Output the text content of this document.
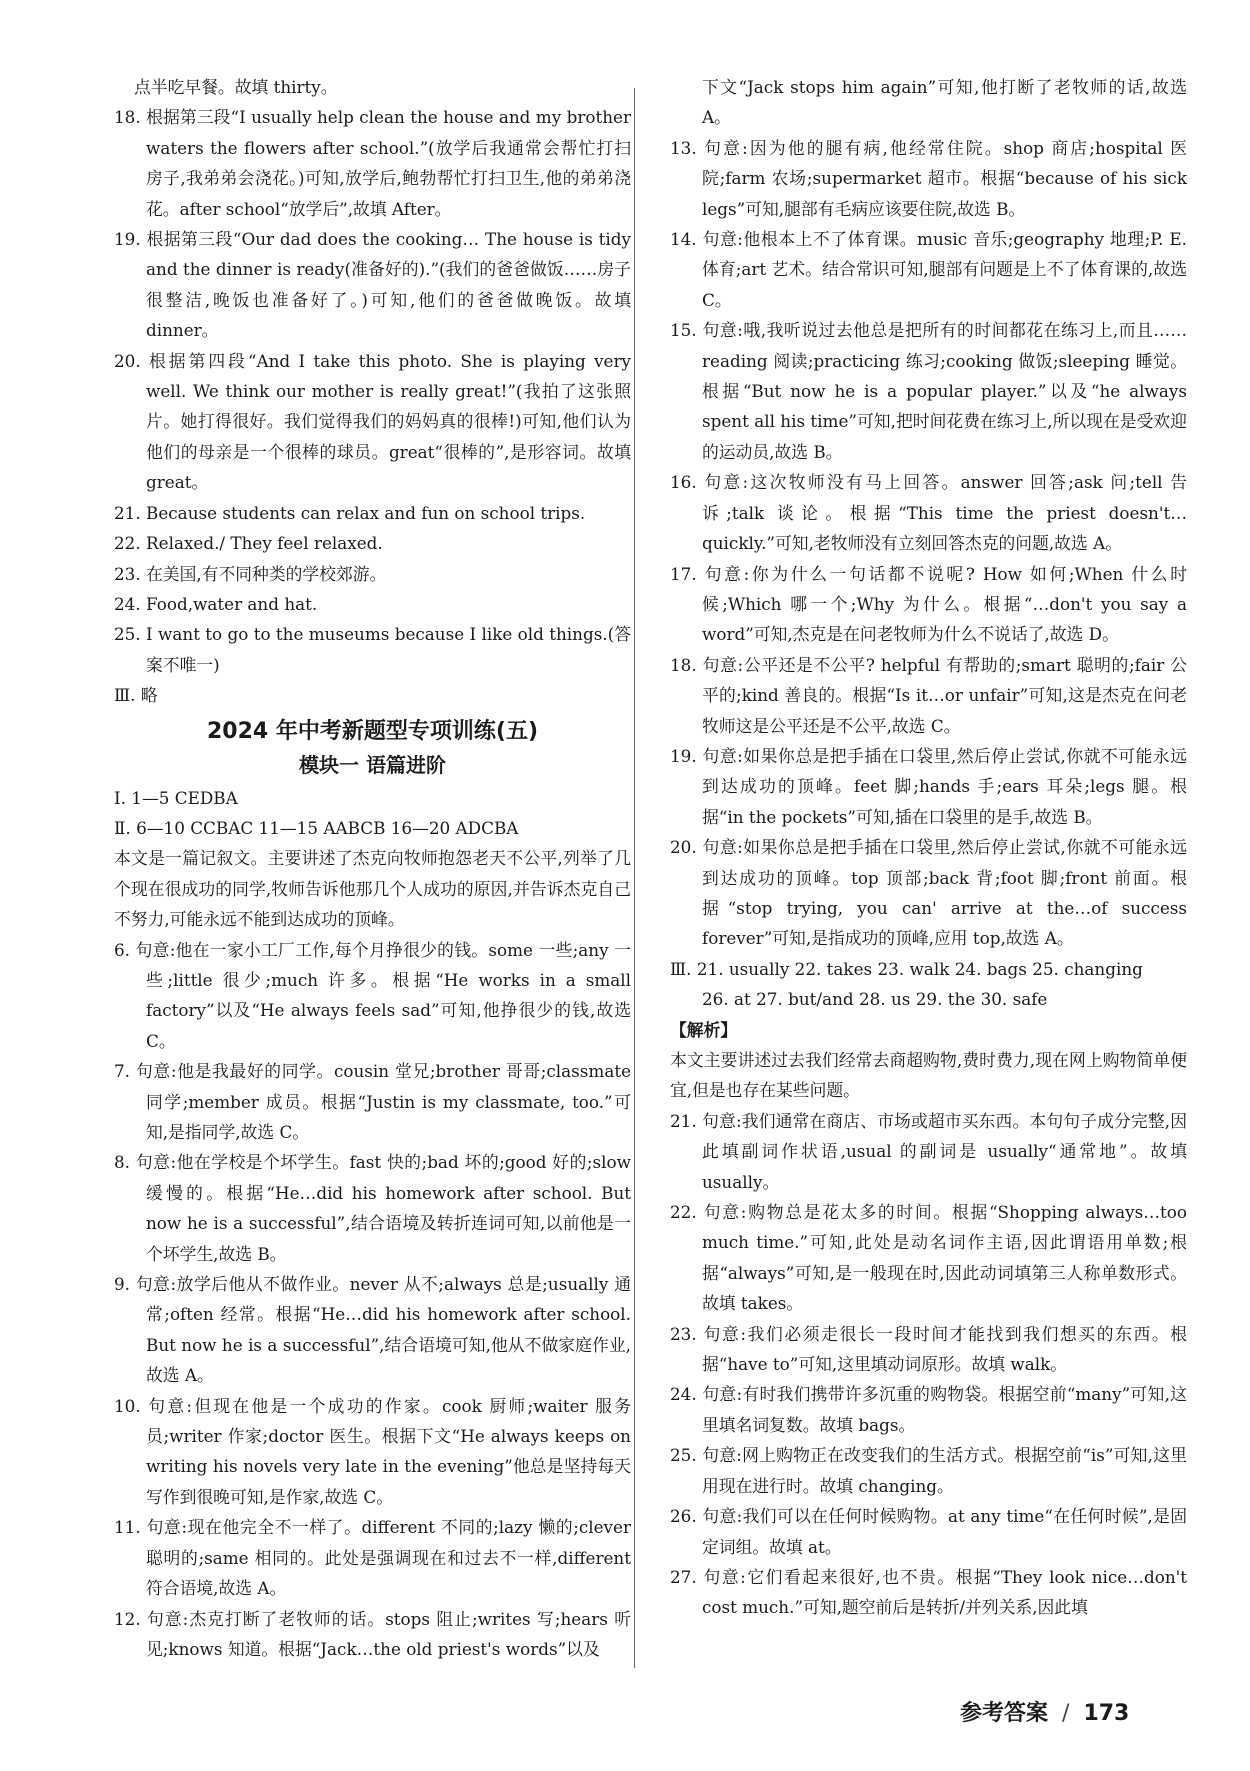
点半吃早餐。故填 thirty。

18. 根据第三段“I usually help clean the house and my brother waters the flowers after school.”(放学后我通常会帮忙打扫房子,我弟弟会浇花。)可知,放学后,鲍勃帮忙打扫卫生,他的弟弟浇花。after school“放学后”,故填 After。

19. 根据第三段“Our dad does the cooking… The house is tidy and the dinner is ready(准备好的).”(我们的爸爸做饭……房子很整洁,晚饭也准备好了。)可知,他们的爸爸做晚饭。故填 dinner。

20. 根据第四段“And I take this photo. She is playing very well. We think our mother is really great!”(我拍了这张照片。她打得很好。我们觉得我们的妈妈真的很棒!)可知,他们认为他们的母亲是一个很棒的球员。great“很棒的”,是形容词。故填 great。

21. Because students can relax and fun on school trips.

22. Relaxed./ They feel relaxed.

23. 在美国,有不同种类的学校郊游。

24. Food,water and hat.

25. I want to go to the museums because I like old things.(答案不唯一)

Ⅲ. 略

2024 年中考新题型专项训练(五)

模块一 语篇进阶

Ⅰ. 1—5 CEDBA

Ⅱ. 6—10 CCBAC 11—15 AABCB 16—20 ADCBA

本文是一篇记叙文。主要讲述了杰克向牧师抱怨老天不公平,列举了几个现在很成功的同学,牧师告诉他那几个人成功的原因,并告诉杰克自己不努力,可能永远不能到达成功的顶峰。

6. 句意:他在一家小工厂工作,每个月挣很少的钱。some 一些;any 一些;little 很少;much 许多。根据“He works in a small factory”以及“He always feels sad”可知,他挣很少的钱,故选 C。

7. 句意:他是我最好的同学。cousin 堂兄;brother 哥哥;classmate 同学;member 成员。根据“Justin is my classmate, too.”可知,是指同学,故选 C。

8. 句意:他在学校是个坏学生。fast 快的;bad 坏的;good 好的;slow 缓慢的。根据“He…did his homework after school. But now he is a successful”,结合语境及转折连词可知,以前他是一个坏学生,故选 B。

9. 句意:放学后他从不做作业。never 从不;always 总是;usually 通常;often 经常。根据“He…did his homework after school. But now he is a successful”,结合语境可知,他从不做家庭作业,故选 A。

10. 句意:但现在他是一个成功的作家。cook 厨师;waiter 服务员;writer 作家;doctor 医生。根据下文“He always keeps on writing his novels very late in the evening”他总是坚持每天写作到很晚可知,是作家,故选 C。

11. 句意:现在他完全不一样了。different 不同的;lazy 懒的;clever 聪明的;same 相同的。此处是强调现在和过去不一样,different 符合语境,故选 A。

12. 句意:杰克打断了老牧师的话。stops 阻止;writes 写;hears 听见;knows 知道。根据“Jack…the old priest's words”以及

下文“Jack stops him again”可知,他打断了老牧师的话,故选 A。

13. 句意:因为他的腿有病,他经常住院。shop 商店;hospital 医院;farm 农场;supermarket 超市。根据“because of his sick legs”可知,腿部有毛病应该要住院,故选 B。

14. 句意:他根本上不了体育课。music 音乐;geography 地理;P. E. 体育;art 艺术。结合常识可知,腿部有问题是上不了体育课的,故选 C。

15. 句意:哦,我听说过去他总是把所有的时间都花在练习上,而且…… reading 阅读;practicing 练习;cooking 做饭;sleeping 睡觉。根据“But now he is a popular player.”以及“he always spent all his time”可知,把时间花费在练习上,所以现在是受欢迎的运动员,故选 B。

16. 句意:这次牧师没有马上回答。answer 回答;ask 问;tell 告诉;talk 谈论。根据“This time the priest doesn't…quickly.”可知,老牧师没有立刻回答杰克的问题,故选 A。

17. 句意:你为什么一句话都不说呢? How 如何;When 什么时候;Which 哪一个;Why 为什么。根据“…don't you say a word”可知,杰克是在问老牧师为什么不说话了,故选 D。

18. 句意:公平还是不公平? helpful 有帮助的;smart 聪明的;fair 公平的;kind 善良的。根据“Is it…or unfair”可知,这是杰克在问老牧师这是公平还是不公平,故选 C。

19. 句意:如果你总是把手插在口袋里,然后停止尝试,你就不可能永远到达成功的顶峰。feet 脚;hands 手;ears 耳朵;legs 腿。根据“in the pockets”可知,插在口袋里的是手,故选 B。

20. 句意:如果你总是把手插在口袋里,然后停止尝试,你就不可能永远到达成功的顶峰。top 顶部;back 背;foot 脚;front 前面。根据“stop trying, you can' arrive at the…of success forever”可知,是指成功的顶峰,应用 top,故选 A。

Ⅲ. 21. usually 22. takes 23. walk 24. bags 25. changing

26. at 27. but/and 28. us 29. the 30. safe

【解析】

本文主要讲述过去我们经常去商超购物,费时费力,现在网上购物简单便宜,但是也存在某些问题。

21. 句意:我们通常在商店、市场或超市买东西。本句句子成分完整,因此填副词作状语,usual 的副词是 usually“通常地”。故填 usually。

22. 句意:购物总是花太多的时间。根据“Shopping always…too much time.”可知,此处是动名词作主语,因此谓语用单数;根据“always”可知,是一般现在时,因此动词填第三人称单数形式。故填 takes。

23. 句意:我们必须走很长一段时间才能找到我们想买的东西。根据“have to”可知,这里填动词原形。故填 walk。

24. 句意:有时我们携带许多沉重的购物袋。根据空前“many”可知,这里填名词复数。故填 bags。

25. 句意:网上购物正在改变我们的生活方式。根据空前“is”可知,这里用现在进行时。故填 changing。

26. 句意:我们可以在任何时候购物。at any time“在任何时候”,是固定词组。故填 at。

27. 句意:它们看起来很好,也不贵。根据“They look nice…don't cost much.”可知,题空前后是转折/并列关系,因此填

参考答案 / 173
